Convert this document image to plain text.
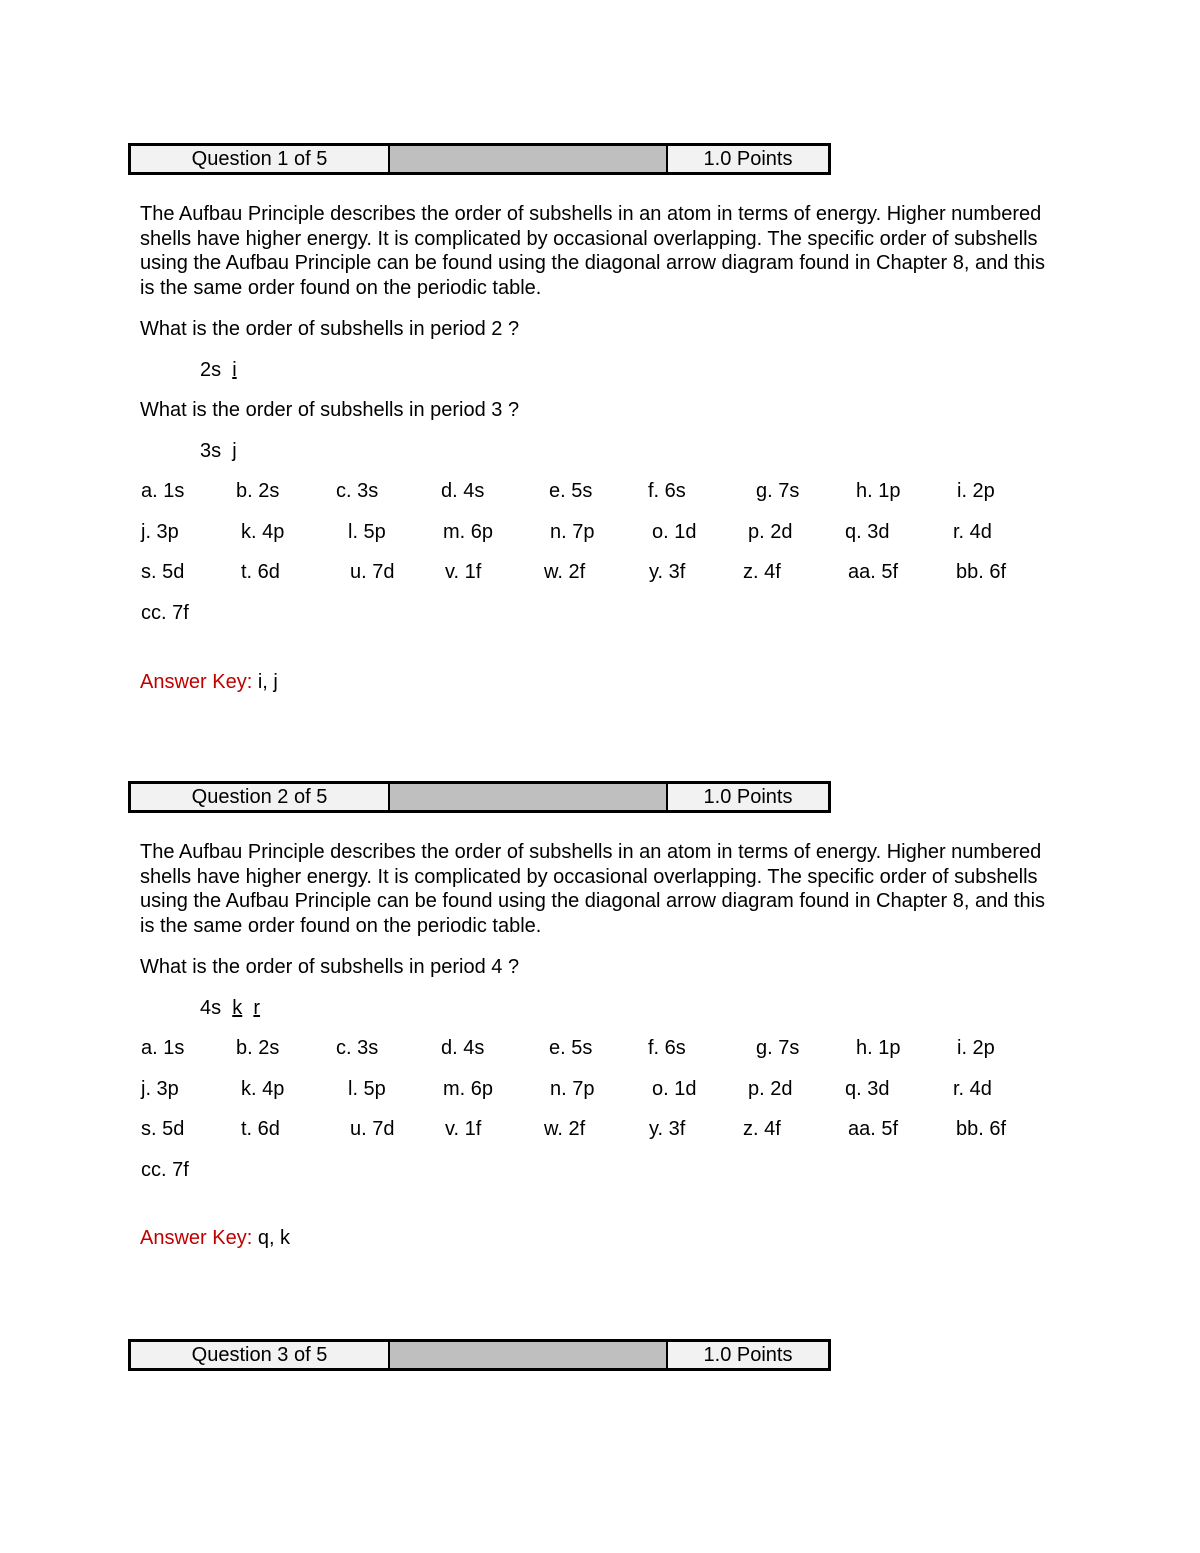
Question 1 of 5	1.0 Points
The Aufbau Principle describes the order of subshells in an atom in terms of energy. Higher numbered shells have higher energy. It is complicated by occasional overlapping. The specific order of subshells using the Aufbau Principle can be found using the diagonal arrow diagram found in Chapter 8, and this is the same order found on the periodic table.
What is the order of subshells in period 2 ?
2s i
What is the order of subshells in period 3 ?
3s j
a. 1s	b. 2s	c. 3s	d. 4s	e. 5s	f. 6s	g. 7s	h. 1p	i. 2p
j. 3p	k. 4p	l. 5p	m. 6p	n. 7p	o. 1d	p. 2d	q. 3d	r. 4d
s. 5d	t. 6d	u. 7d	v. 1f	w. 2f	y. 3f	z. 4f	aa. 5f	bb. 6f
cc. 7f
Answer Key: i, j
Question 2 of 5	1.0 Points
The Aufbau Principle describes the order of subshells in an atom in terms of energy. Higher numbered shells have higher energy. It is complicated by occasional overlapping. The specific order of subshells using the Aufbau Principle can be found using the diagonal arrow diagram found in Chapter 8, and this is the same order found on the periodic table.
What is the order of subshells in period 4 ?
4s k r
a. 1s	b. 2s	c. 3s	d. 4s	e. 5s	f. 6s	g. 7s	h. 1p	i. 2p
j. 3p	k. 4p	l. 5p	m. 6p	n. 7p	o. 1d	p. 2d	q. 3d	r. 4d
s. 5d	t. 6d	u. 7d	v. 1f	w. 2f	y. 3f	z. 4f	aa. 5f	bb. 6f
cc. 7f
Answer Key: q, k
Question 3 of 5	1.0 Points
